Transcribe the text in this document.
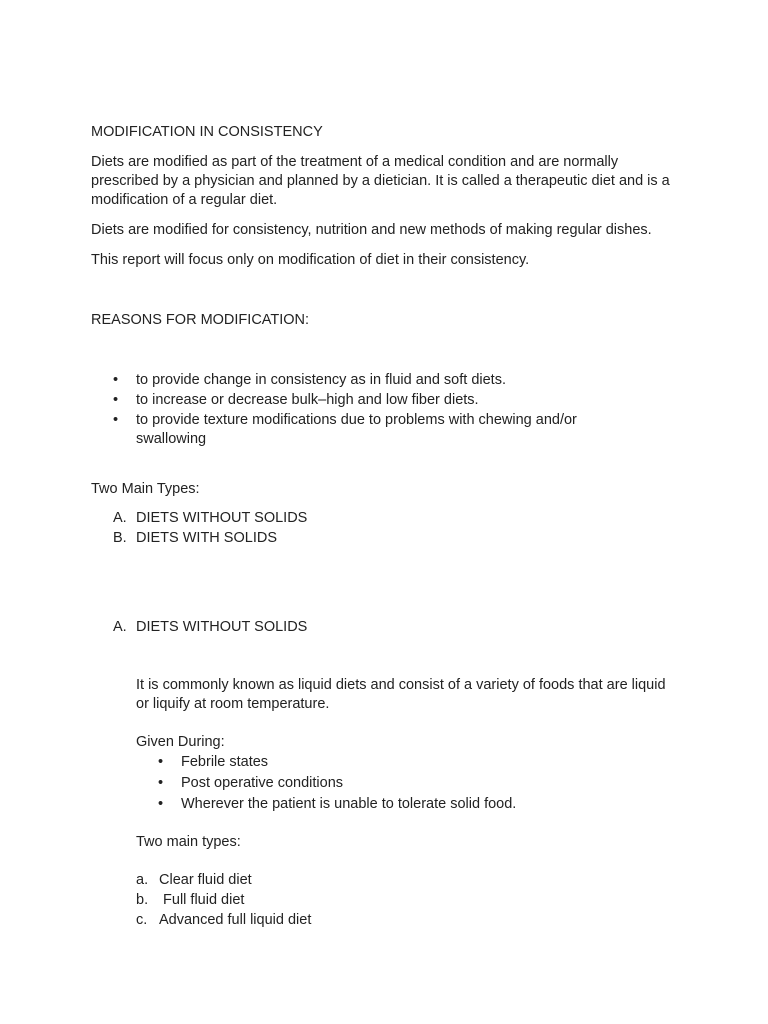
MODIFICATION IN CONSISTENCY

Diets are modified as part of the treatment of a medical condition and are normally prescribed by a physician and planned by a dietician. It is called a therapeutic diet and is a modification of a regular diet.

Diets are modified for consistency, nutrition and new methods of making regular dishes.

This report will focus only on modification of diet in their consistency.

REASONS FOR MODIFICATION:
• to provide change in consistency as in fluid and soft diets.
• to increase or decrease bulk–high and low fiber diets.
• to provide texture modifications due to problems with chewing and/or swallowing
Two Main Types:
A. DIETS WITHOUT SOLIDS
B. DIETS WITH SOLIDS
A. DIETS WITHOUT SOLIDS

It is commonly known as liquid diets and consist of a variety of foods that are liquid or liquify at room temperature.

Given During:
• Febrile states
• Post operative conditions
• Wherever the patient is unable to tolerate solid food.
Two main types:
a. Clear fluid diet
b. Full fluid diet
c. Advanced full liquid diet
